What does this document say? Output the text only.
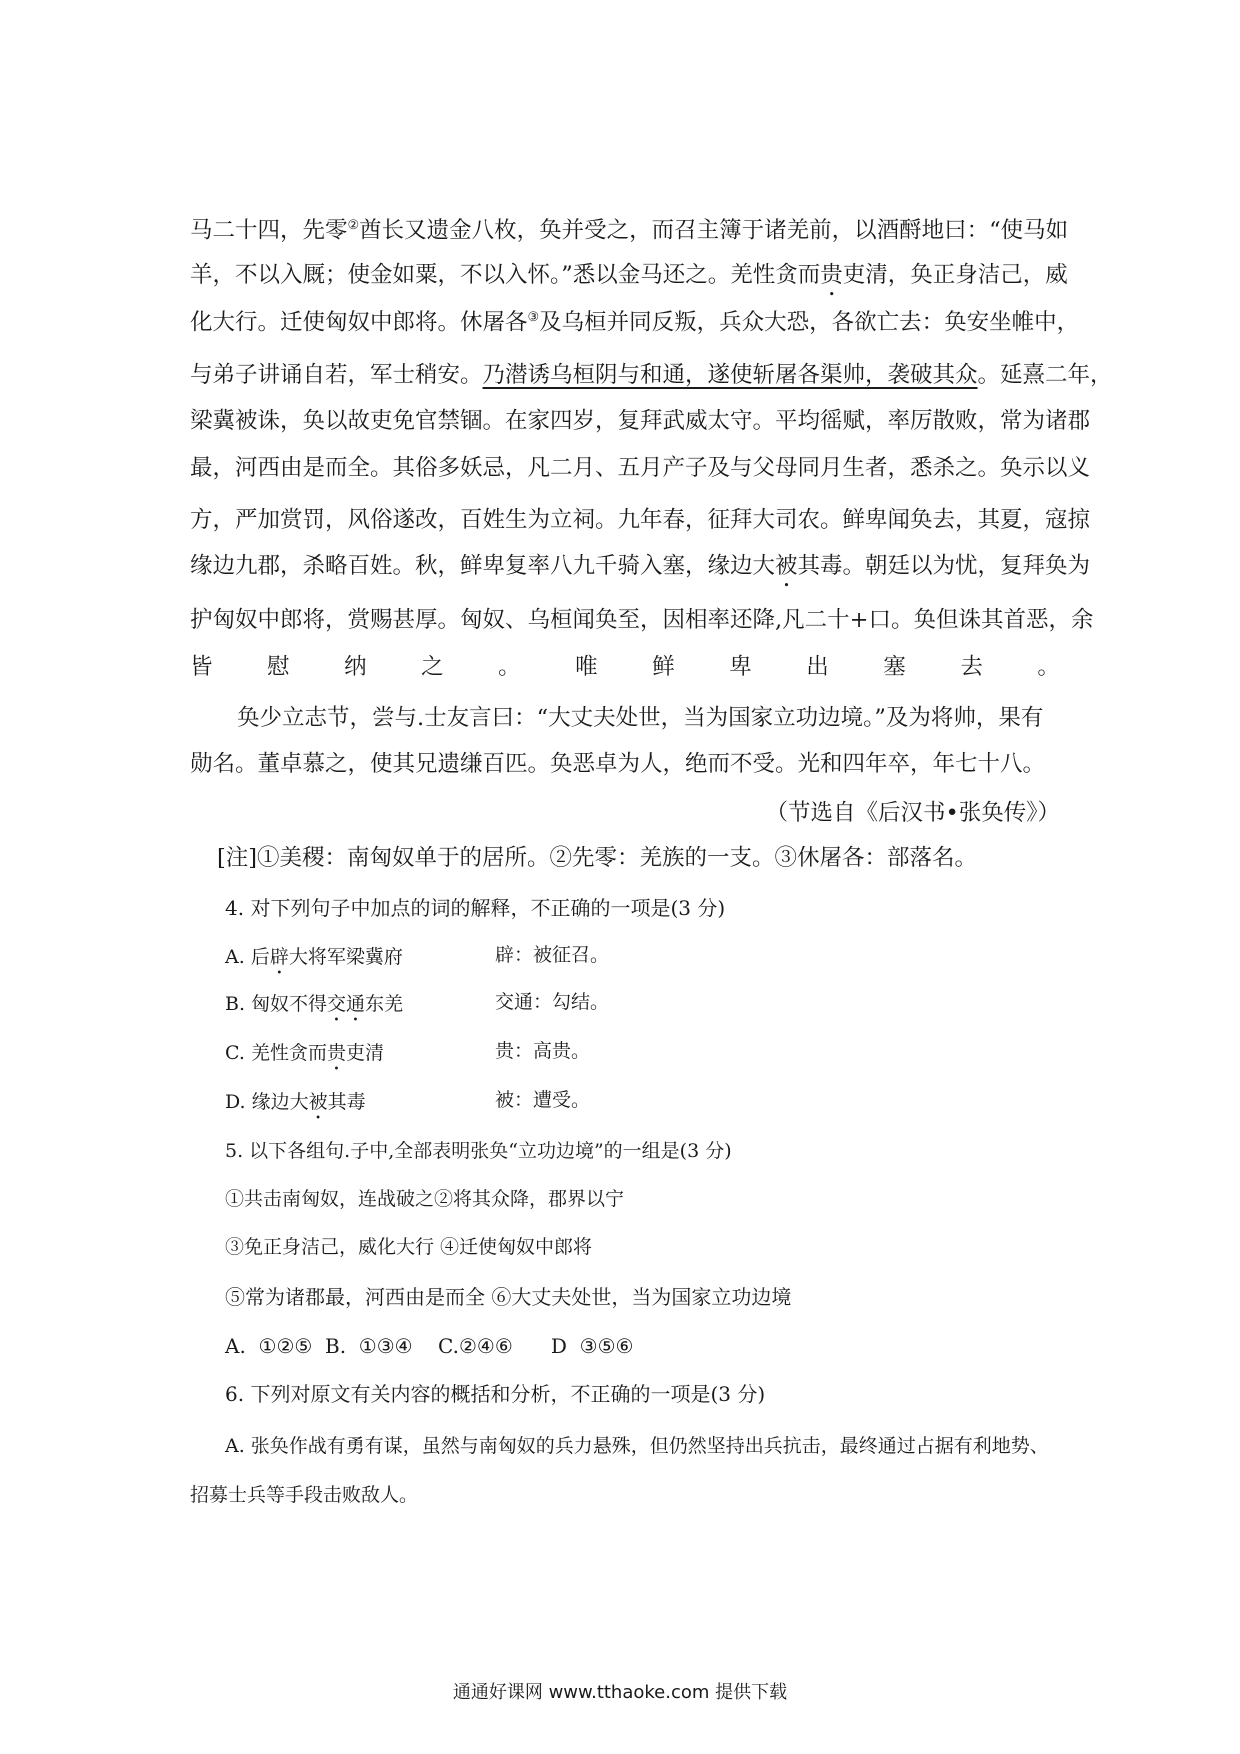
马二十四，先零②酋长又遗金八枚，奂并受之，而召主簿于诸羌前，以酒酹地曰：“使马如
羊，不以入厩；使金如粟，不以入怀。”悉以金马还之。羌性贪而贵吏清，奂正身洁己，威
化大行。迁使匈奴中郎将。休屠各③及乌桓并同反叛，兵众大恐，各欲亡去：奂安坐帷中，
与弟子讲诵自若，军士稍安。乃潜诱乌桓阴与和通，遂使斩屠各渠帅，袭破其众。延熹二年，
梁冀被诛，奂以故吏免官禁锢。在家四岁，复拜武威太守。平均徭赋，率厉散败，常为诸郡
最，河西由是而全。其俗多妖忌，凡二月、五月产子及与父母同月生者，悉杀之。奂示以义
方，严加赏罚，风俗遂改，百姓生为立祠。九年春，征拜大司农。鲜卑闻奂去，其夏，寇掠
缘边九郡，杀略百姓。秋，鲜卑复率八九千骑入塞，缘边大被其毒。朝廷以为忧，复拜奂为
护匈奴中郎将，赏赐甚厚。匈奴、乌桓闻奂至，因相率还降,凡二十+口。奂但诛其首恶，余
皆 慰 纳 之 。 唯 鲜 卑 出 塞 去 。
奂少立志节，尝与.士友言曰：“大丈夫处世，当为国家立功边境。”及为将帅，果有
勋名。董卓慕之，使其兄遗缣百匹。奂恶卓为人，绝而不受。光和四年卒，年七十八。
（节选自《后汉书•张奂传》）
[注]①美稷：南匈奴单于的居所。②先零：羌族的一支。③休屠各：部落名。
4. 对下列句子中加点的词的解释，不正确的一项是(3 分)
A. 后辟大将军梁冀府	辟：被征召。
B. 匈奴不得交通东羌	交通：勾结。
C. 羌性贪而贵吏清	贵：高贵。
D. 缘边大被其毒	被：遭受。
5. 以下各组句.子中,全部表明张奂“立功边境”的一组是(3 分)
①共击南匈奴，连战破之②将其众降，郡界以宁
③免正身洁己，威化大行 ④迁使匈奴中郎将
⑤常为诸郡最，河西由是而全 ⑥大丈夫处世，当为国家立功边境
A.  ①②⑤  B.  ①③④    C.②④⑥      D  ③⑤⑥
6. 下列对原文有关内容的概括和分析，不正确的一项是(3 分)
A. 张奂作战有勇有谋，虽然与南匈奴的兵力悬殊，但仍然坚持出兵抗击，最终通过占据有利地势、
招募士兵等手段击败敌人。
通通好课网 www.tthaoke.com 提供下载
